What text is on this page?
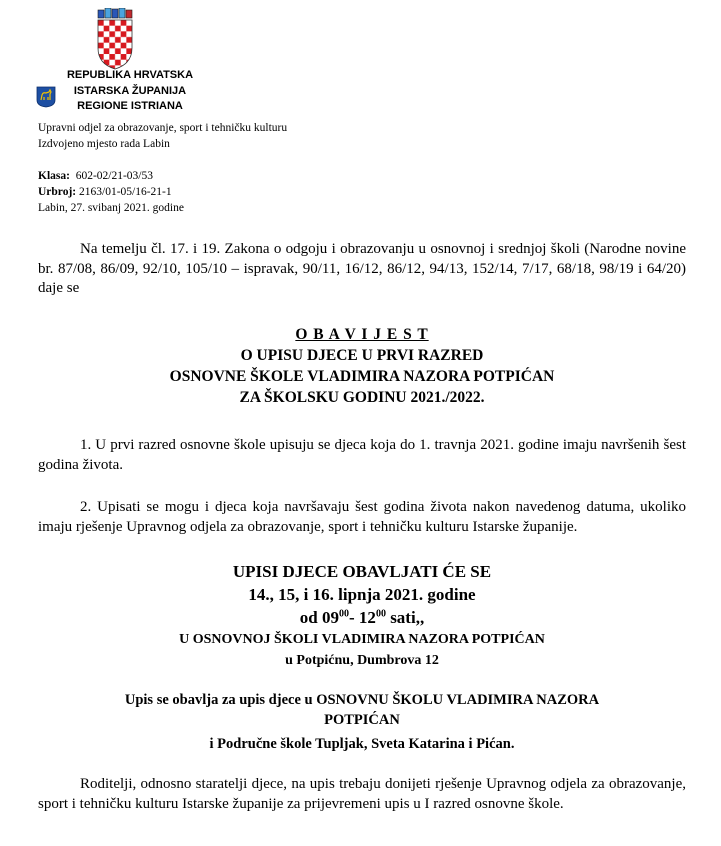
REPUBLIKA HRVATSKA
ISTARSKA ŽUPANIJA
REGIONE ISTRIANA
Upravni odjel za obrazovanje, sport i tehničku kulturu
Izdvojeno mjesto rada Labin
Klasa: 602-02/21-03/53
Urbroj: 2163/01-05/16-21-1
Labin, 27. svibanj 2021. godine
Na temelju čl. 17. i 19. Zakona o odgoju i obrazovanju u osnovnoj i srednjoj školi (Narodne novine br. 87/08, 86/09, 92/10, 105/10 – ispravak, 90/11, 16/12, 86/12, 94/13, 152/14, 7/17, 68/18, 98/19 i 64/20) daje se
O B A V I J E S T
O UPISU DJECE U PRVI RAZRED
OSNOVNE ŠKOLE VLADIMIRA NAZORA POTPIĆAN
ZA ŠKOLSKU GODINU 2021./2022.
1. U prvi razred osnovne škole upisuju se djeca koja do 1. travnja 2021. godine imaju navršenih šest godina života.
2. Upisati se mogu i djeca koja navršavaju šest godina života nakon navedenog datuma, ukoliko imaju rješenje Upravnog odjela za obrazovanje, sport i tehničku kulturu Istarske županije.
UPISI DJECE OBAVLJATI ĆE SE
14., 15, i 16. lipnja 2021. godine
od $09^{00}-$ $12^{00}$ sati,,
U OSNOVNOJ ŠKOLI VLADIMIRA NAZORA POTPIĆAN
u Potpićnu, Dumbrova 12
Upis se obavlja za upis djece u OSNOVNU ŠKOLU VLADIMIRA NAZORA
POTPIĆAN
i Područne škole Tupljak, Sveta Katarina i Pićan.
Roditelji, odnosno staratelji djece, na upis trebaju donijeti rješenje Upravnog odjela za obrazovanje, sport i tehničku kulturu Istarske županije za prijevremeni upis u I razred osnovne škole.
